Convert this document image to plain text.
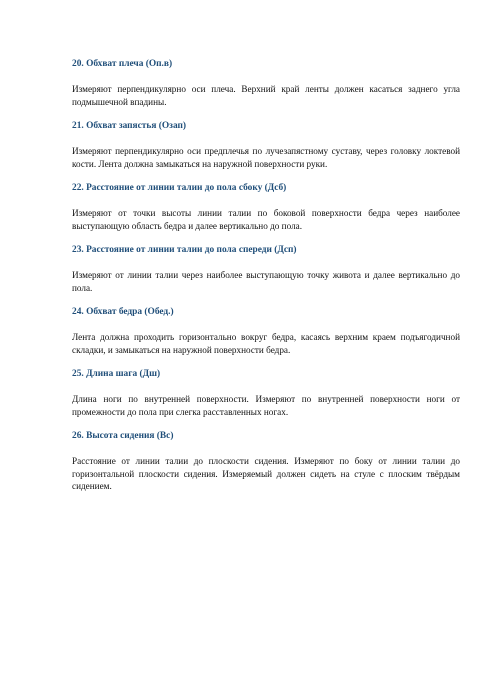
20. Обхват плеча (Оп.в)

Измеряют перпендикулярно оси плеча. Верхний край ленты должен касаться заднего угла подмышечной впадины.

21. Обхват запястья (Озап)

Измеряют перпендикулярно оси предплечья по лучезапястному суставу, через головку локтевой кости. Лента должна замыкаться на наружной поверхности руки.

22. Расстояние от линии талии до пола сбоку (Дсб)

Измеряют от точки высоты линии талии по боковой поверхности бедра через наиболее выступающую область бедра и далее вертикально до пола.

23. Расстояние от линии талии до пола спереди (Дсп)

Измеряют от линии талии через наиболее выступающую точку живота и далее вертикально до пола.

24. Обхват бедра (Обед.)

Лента должна проходить горизонтально вокруг бедра, касаясь верхним краем подъягодичной складки, и замыкаться на наружной поверхности бедра.

25. Длина шага (Дш)

Длина ноги по внутренней поверхности. Измеряют по внутренней поверхности ноги от промежности до пола при слегка расставленных ногах.

26. Высота сидения (Вс)

Расстояние от линии талии до плоскости сидения. Измеряют по боку от линии талии до горизонтальной плоскости сидения. Измеряемый должен сидеть на стуле с плоским твёрдым сидением.
